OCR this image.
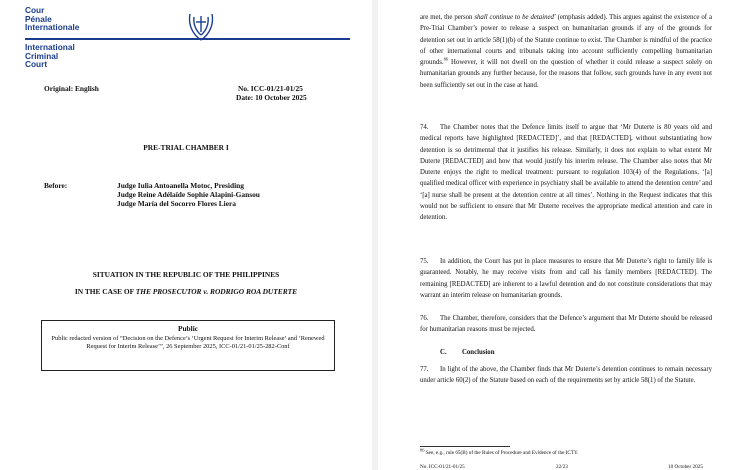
Cour
Pénale
Internationale
International
Criminal
Court
Original: English	No. ICC-01/21-01/25
Date: 10 October 2025
PRE-TRIAL CHAMBER I
Before:	Judge Iulia Antoanella Motoc, Presiding
Judge Reine Adélaïde Sophie Alapini-Gansou
Judge María del Socorro Flores Liera
SITUATION IN THE REPUBLIC OF THE PHILIPPINES
IN THE CASE OF THE PROSECUTOR v. RODRIGO ROA DUTERTE
Public
Public redacted version of “Decision on the Defence’s ‘Urgent Request for Interim Release’ and ‘Renewed Request for Interim Release’”, 26 September 2025, ICC-01/21-01/25-282-Conf
are met, the person shall continue to be detained’ (emphasis added). This argues against the existence of a Pre-Trial Chamber’s power to release a suspect on humanitarian grounds if any of the grounds for detention set out in article 58(1)(b) of the Statute continue to exist. The Chamber is mindful of the practice of other international courts and tribunals taking into account sufficiently compelling humanitarian grounds.$^{86}$ However, it will not dwell on the question of whether it could release a suspect solely on humanitarian grounds any further because, for the reasons that follow, such grounds have in any event not been sufficiently set out in the case at hand.
74. The Chamber notes that the Defence limits itself to argue that ‘Mr Duterte is 80 years old and medical reports have highlighted [REDACTED]’, and that [REDACTED], without substantiating how detention is so detrimental that it justifies his release. Similarly, it does not explain to what extent Mr Duterte [REDACTED] and how that would justify his interim release. The Chamber also notes that Mr Duterte enjoys the right to medical treatment: pursuant to regulation 103(4) of the Regulations, ‘[a] qualified medical officer with experience in psychiatry shall be available to attend the detention centre’ and ‘[a] nurse shall be present at the detention centre at all times’. Nothing in the Request indicates that this would not be sufficient to ensure that Mr Duterte receives the appropriate medical attention and care in detention.
75. In addition, the Court has put in place measures to ensure that Mr Duterte’s right to family life is guaranteed. Notably, he may receive visits from and call his family members [REDACTED]. The remaining [REDACTED] are inherent to a lawful detention and do not constitute considerations that may warrant an interim release on humanitarian grounds.
76. The Chamber, therefore, considers that the Defence’s argument that Mr Duterte should be released for humanitarian reasons must be rejected.
C. Conclusion
77. In light of the above, the Chamber finds that Mr Duterte’s detention continues to remain necessary under article 60(2) of the Statute based on each of the requirements set by article 58(1) of the Statute.
$^{86}$ See, e.g., rule 65(B) of the Rules of Procedure and Evidence of the ICTY.
No. ICC-01/21-01/25	22/23	10 October 2025
